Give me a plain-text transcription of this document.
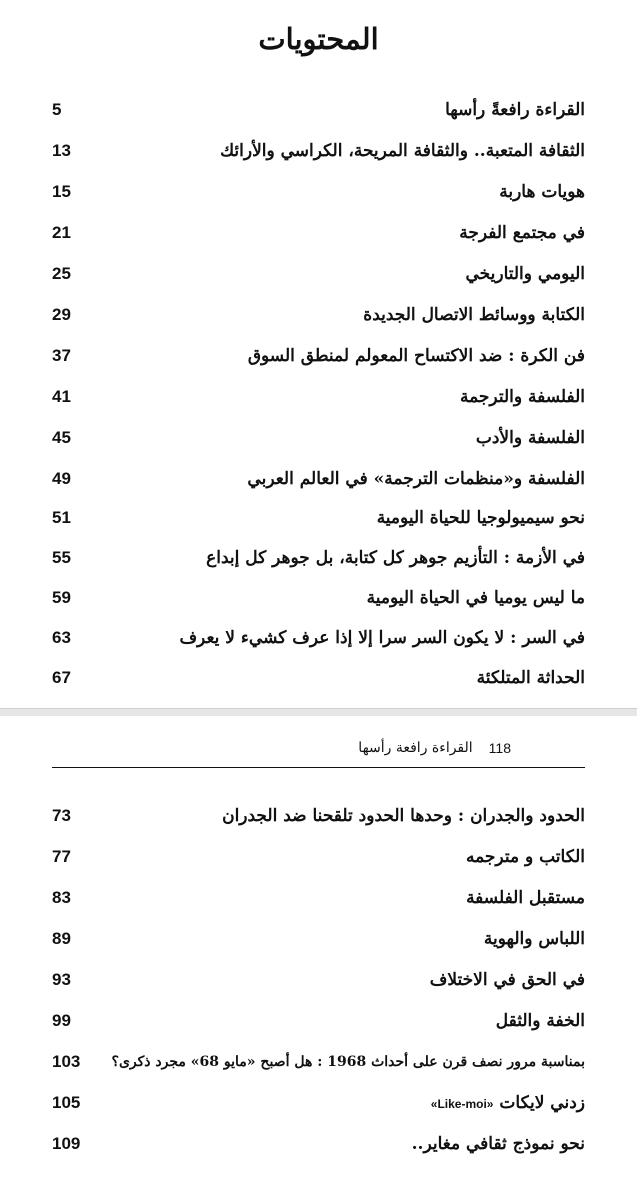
المحتويات
القراءة رافعةً رأسها
5
الثقافة المتعبة.. والثقافة المريحة، الكراسي والأرائك
13
هويات هاربة
15
في مجتمع الفرجة
21
اليومي والتاريخي
25
الكتابة ووسائط الاتصال الجديدة
29
فن الكرة : ضد الاكتساح المعولم لمنطق السوق
37
الفلسفة والترجمة
41
الفلسفة والأدب
45
الفلسفة و«منظمات الترجمة» في العالم العربي
49
نحو سيميولوجيا للحياة اليومية
51
في الأزمة : التأزيم جوهر كل كتابة، بل جوهر كل إبداع
55
ما ليس يوميا في الحياة اليومية
59
في السر : لا يكون السر سرا إلا إذا عرف كشيء لا يعرف
63
الحداثة المتلكئة
67
118
القراءة رافعة رأسها
الحدود والجدران : وحدها الحدود تلقحنا ضد الجدران
73
الكاتب و مترجمه
77
مستقبل الفلسفة
83
اللباس والهوية
89
في الحق في الاختلاف
93
الخفة والثقل
99
بمناسبة مرور نصف قرن على أحداث 1968 : هل أصبح «مايو 68» مجرد ذكرى؟
103
زدني لايكات «Like-moi»
105
نحو نموذج ثقافي مغاير..
109
